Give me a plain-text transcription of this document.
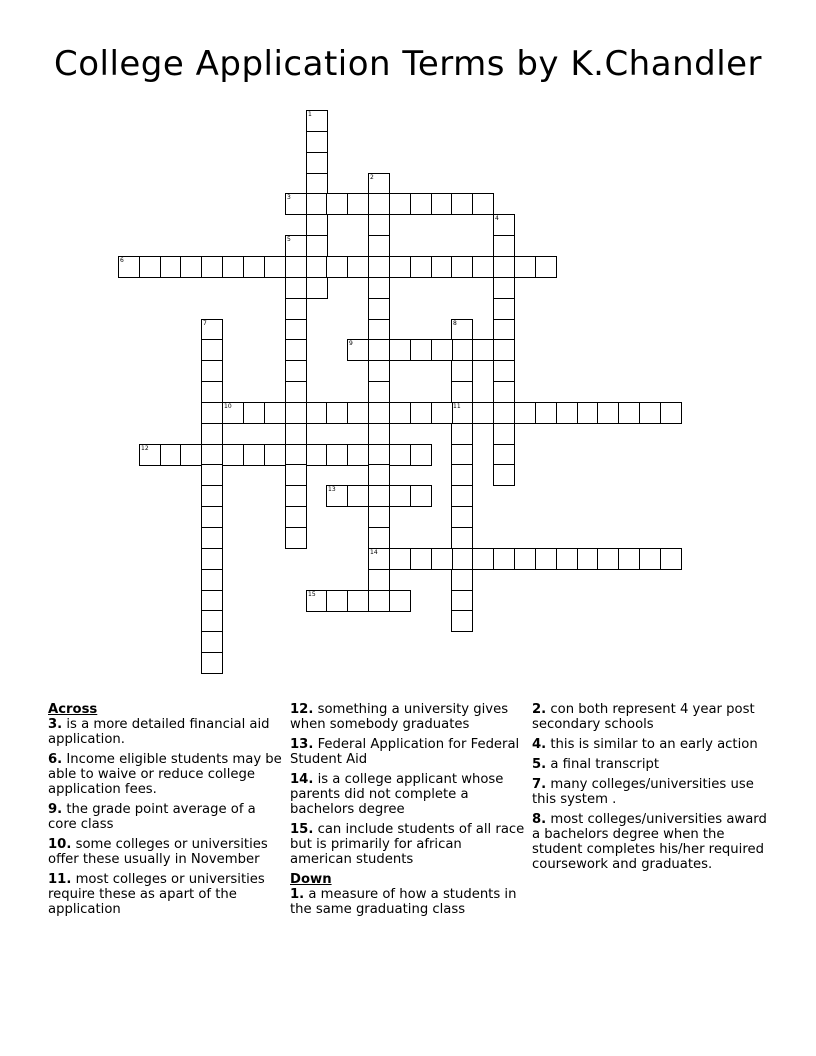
College Application Terms by K.Chandler
1
2
14
3
4
5
6
7	8
11
9
10
12
13
15

Across

3. is a more detailed financial aid application.
6. Income eligible students may be able to waive or reduce college application fees.
9. the grade point average of a core class
10. some colleges or universities offer these usually in November
11. most colleges or universities require these as apart of the application
12. something a university gives when somebody graduates
13. Federal Application for Federal Student Aid
14. is a college applicant whose parents did not complete a bachelors degree
15. can include students of all race but is primarily for african american students

Down

1. a measure of how a students in the same graduating class
2. con both represent 4 year post secondary schools
4. this is similar to an early action
5. a final transcript
7. many colleges/universities use this system .
8. most colleges/universities award a bachelors degree when the student completes his/her required coursework and graduates.
